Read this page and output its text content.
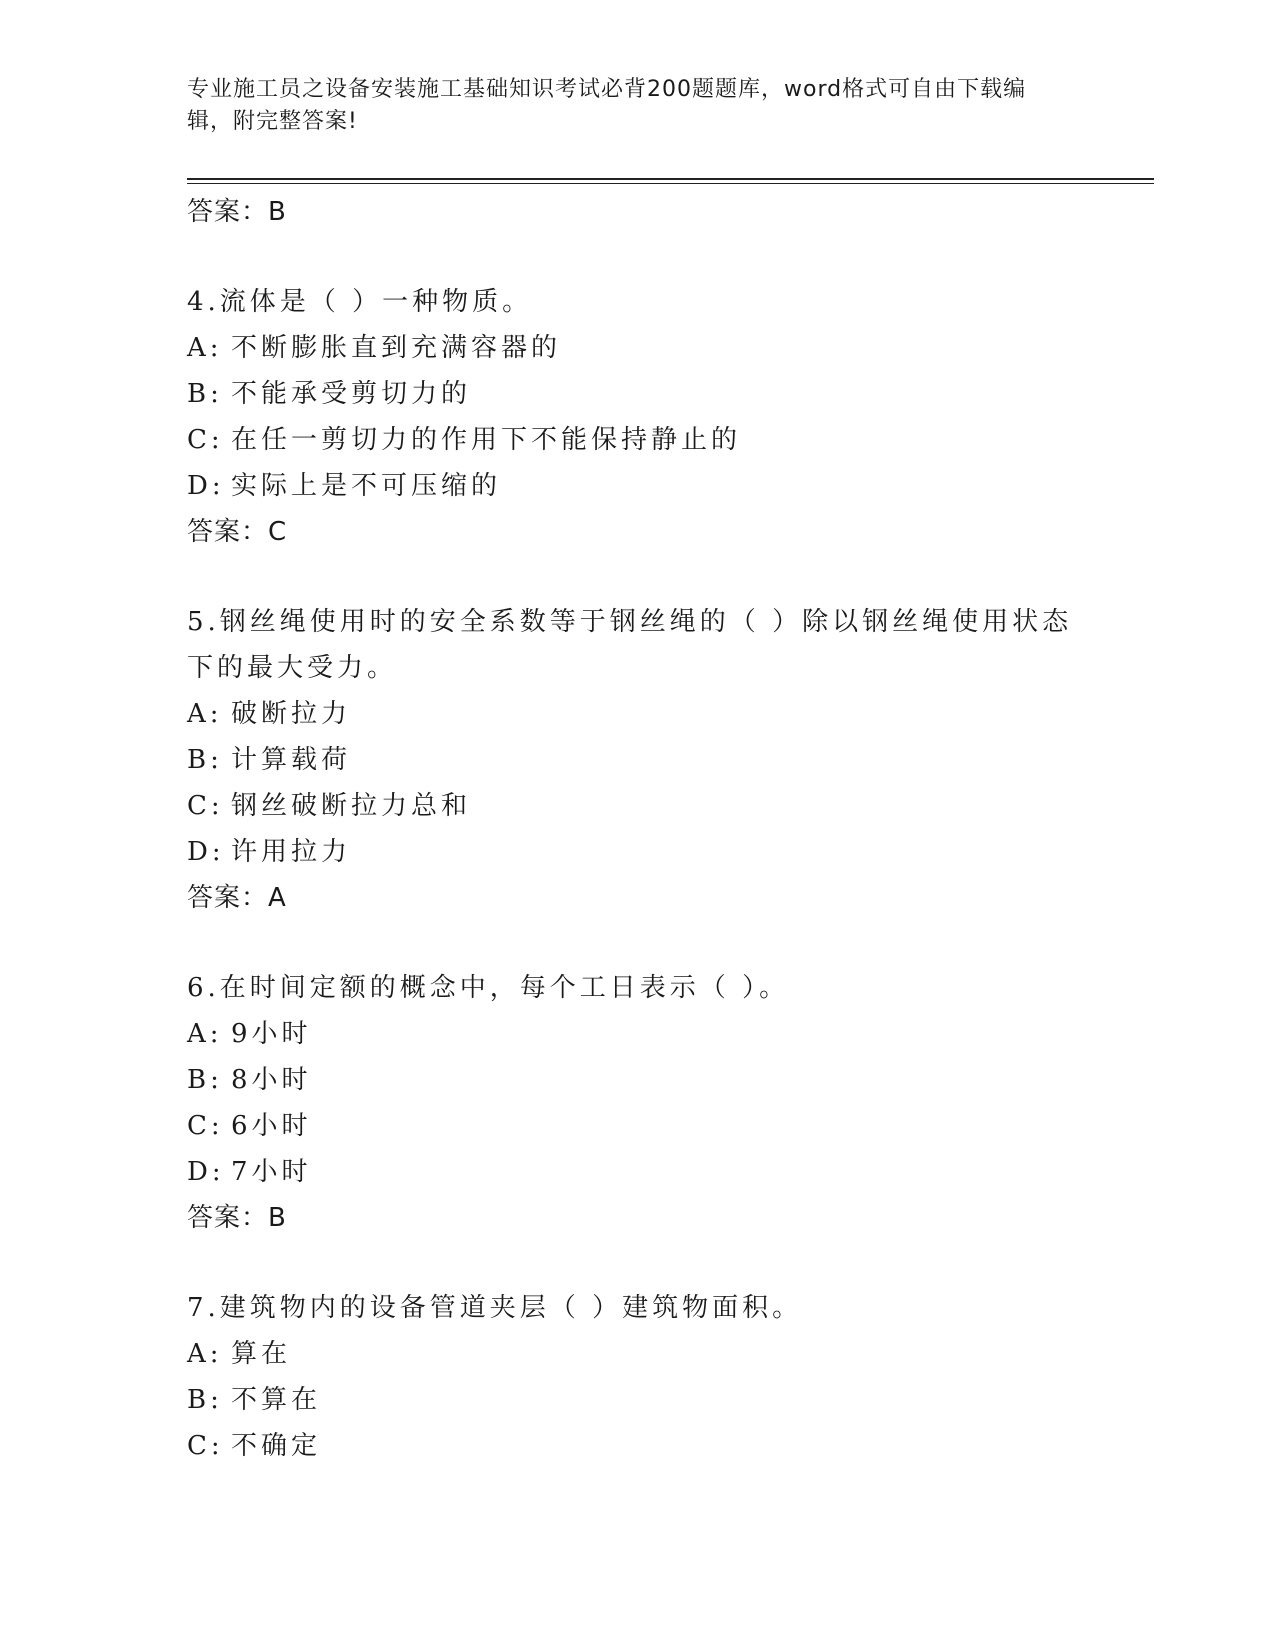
专业施工员之设备安装施工基础知识考试必背200题题库，word格式可自由下载编辑，附完整答案!
答案：B
4.流体是（ ）一种物质。
A: 不断膨胀直到充满容器的
B: 不能承受剪切力的
C: 在任一剪切力的作用下不能保持静止的
D: 实际上是不可压缩的
答案：C
5.钢丝绳使用时的安全系数等于钢丝绳的（ ）除以钢丝绳使用状态下的最大受力。
A: 破断拉力
B: 计算载荷
C: 钢丝破断拉力总和
D: 许用拉力
答案：A
6.在时间定额的概念中，每个工日表示（ ）。
A: 9小时
B: 8小时
C: 6小时
D: 7小时
答案：B
7.建筑物内的设备管道夹层（ ）建筑物面积。
A: 算在
B: 不算在
C: 不确定
